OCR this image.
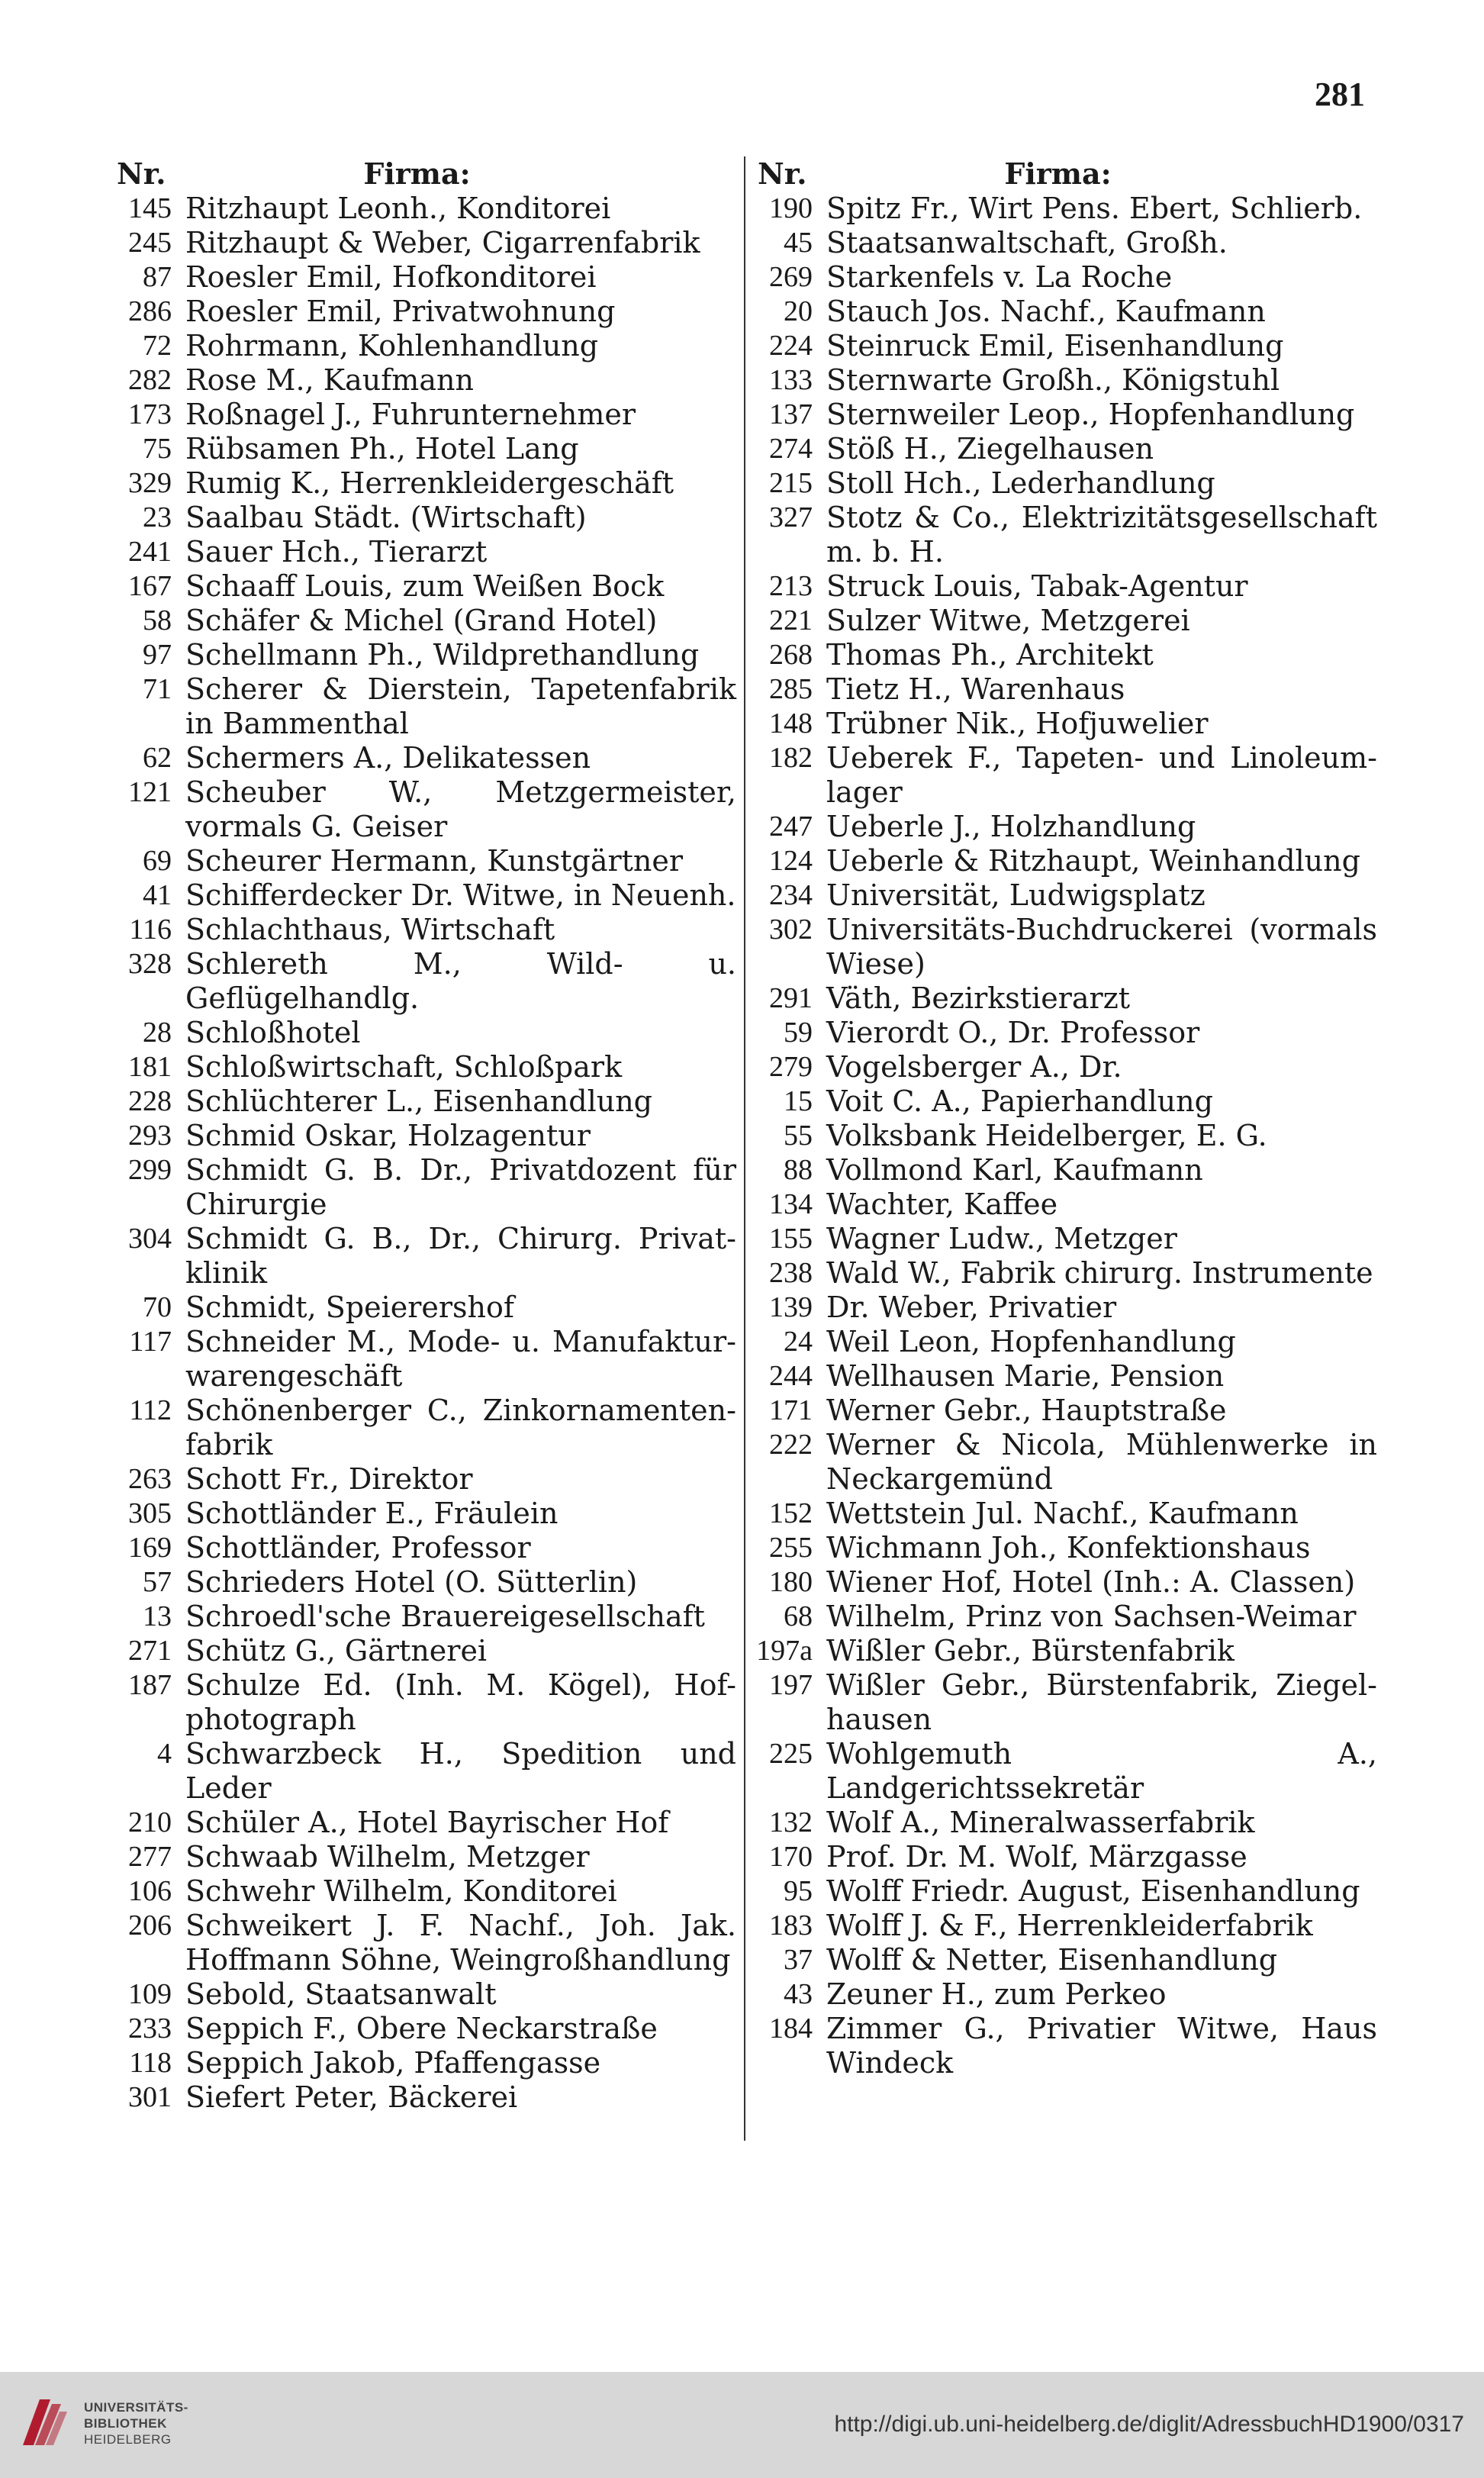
281
Nr.	Firma:
145 Ritzhaupt Leonh., Konditorei
245 Ritzhaupt & Weber, Cigarrenfabrik
87 Roesler Emil, Hofkonditorei
286 Roesler Emil, Privatwohnung
72 Rohrmann, Kohlenhandlung
282 Rose M., Kaufmann
173 Roßnagel J., Fuhrunternehmer
75 Rübsamen Ph., Hotel Lang
329 Rumig K., Herrenkleidergeschäft
23 Saalbau Städt. (Wirtschaft)
241 Sauer Hch., Tierarzt
167 Schaaff Louis, zum Weißen Bock
58 Schäfer & Michel (Grand Hotel)
97 Schellmann Ph., Wildprethandlung
71 Scherer & Dierstein, Tapetenfabrik in Bammenthal
62 Schermers A., Delikatessen
121 Scheuber W., Metzgermeister, vormals G. Geiser
69 Scheurer Hermann, Kunstgärtner
41 Schifferdecker Dr. Witwe, in Neuenh.
116 Schlachthaus, Wirtschaft
328 Schlereth M., Wild- u. Geflügelhandlg.
28 Schloßhotel
181 Schloßwirtschaft, Schloßpark
228 Schlüchterer L., Eisenhandlung
293 Schmid Oskar, Holzagentur
299 Schmidt G. B. Dr., Privatdozent für Chirurgie
304 Schmidt G. B., Dr., Chirurg. Privat-klinik
70 Schmidt, Speierershof
117 Schneider M., Mode- u. Manufaktur-warengeschäft
112 Schönenberger C., Zinkornamenten-fabrik
263 Schott Fr., Direktor
305 Schottländer E., Fräulein
169 Schottländer, Professor
57 Schrieders Hotel (O. Sütterlin)
13 Schroedl'sche Brauereigesellschaft
271 Schütz G., Gärtnerei
187 Schulze Ed. (Inh. M. Kögel), Hof-photograph
4 Schwarzbeck H., Spedition und Leder
210 Schüler A., Hotel Bayrischer Hof
277 Schwaab Wilhelm, Metzger
106 Schwehr Wilhelm, Konditorei
206 Schweikert J. F. Nachf., Joh. Jak. Hoffmann Söhne, Weingroßhandlung
109 Sebold, Staatsanwalt
233 Seppich F., Obere Neckarstraße
118 Seppich Jakob, Pfaffengasse
301 Siefert Peter, Bäckerei
Nr.	Firma:
190 Spitz Fr., Wirt Pens. Ebert, Schlierb.
45 Staatsanwaltschaft, Großh.
269 Starkenfels v. La Roche
20 Stauch Jos. Nachf., Kaufmann
224 Steinruck Emil, Eisenhandlung
133 Sternwarte Großh., Königstuhl
137 Sternweiler Leop., Hopfenhandlung
274 Stöß H., Ziegelhausen
215 Stoll Hch., Lederhandlung
327 Stotz & Co., Elektrizitätsgesellschaft m. b. H.
213 Struck Louis, Tabak-Agentur
221 Sulzer Witwe, Metzgerei
268 Thomas Ph., Architekt
285 Tietz H., Warenhaus
148 Trübner Nik., Hofjuwelier
182 Ueberek F., Tapeten- und Linoleum-lager
247 Ueberle J., Holzhandlung
124 Ueberle & Ritzhaupt, Weinhandlung
234 Universität, Ludwigsplatz
302 Universitäts-Buchdruckerei (vormals Wiese)
291 Väth, Bezirkstierarzt
59 Vierordt O., Dr. Professor
279 Vogelsberger A., Dr.
15 Voit C. A., Papierhandlung
55 Volksbank Heidelberger, E. G.
88 Vollmond Karl, Kaufmann
134 Wachter, Kaffee
155 Wagner Ludw., Metzger
238 Wald W., Fabrik chirurg. Instrumente
139 Dr. Weber, Privatier
24 Weil Leon, Hopfenhandlung
244 Wellhausen Marie, Pension
171 Werner Gebr., Hauptstraße
222 Werner & Nicola, Mühlenwerke in Neckargemünd
152 Wettstein Jul. Nachf., Kaufmann
255 Wichmann Joh., Konfektionshaus
180 Wiener Hof, Hotel (Inh.: A. Classen)
68 Wilhelm, Prinz von Sachsen-Weimar
197a Wißler Gebr., Bürstenfabrik
197 Wißler Gebr., Bürstenfabrik, Ziegel-hausen
225 Wohlgemuth A., Landgerichtssekretär
132 Wolf A., Mineralwasserfabrik
170 Prof. Dr. M. Wolf, Märzgasse
95 Wolff Friedr. August, Eisenhandlung
183 Wolff J. & F., Herrenkleiderfabrik
37 Wolff & Netter, Eisenhandlung
43 Zeuner H., zum Perkeo
184 Zimmer G., Privatier Witwe, Haus Windeck
UNIVERSITÄTS-
BIBLIOTHEK
HEIDELBERG
http://digi.ub.uni-heidelberg.de/diglit/AdressbuchHD1900/0317
